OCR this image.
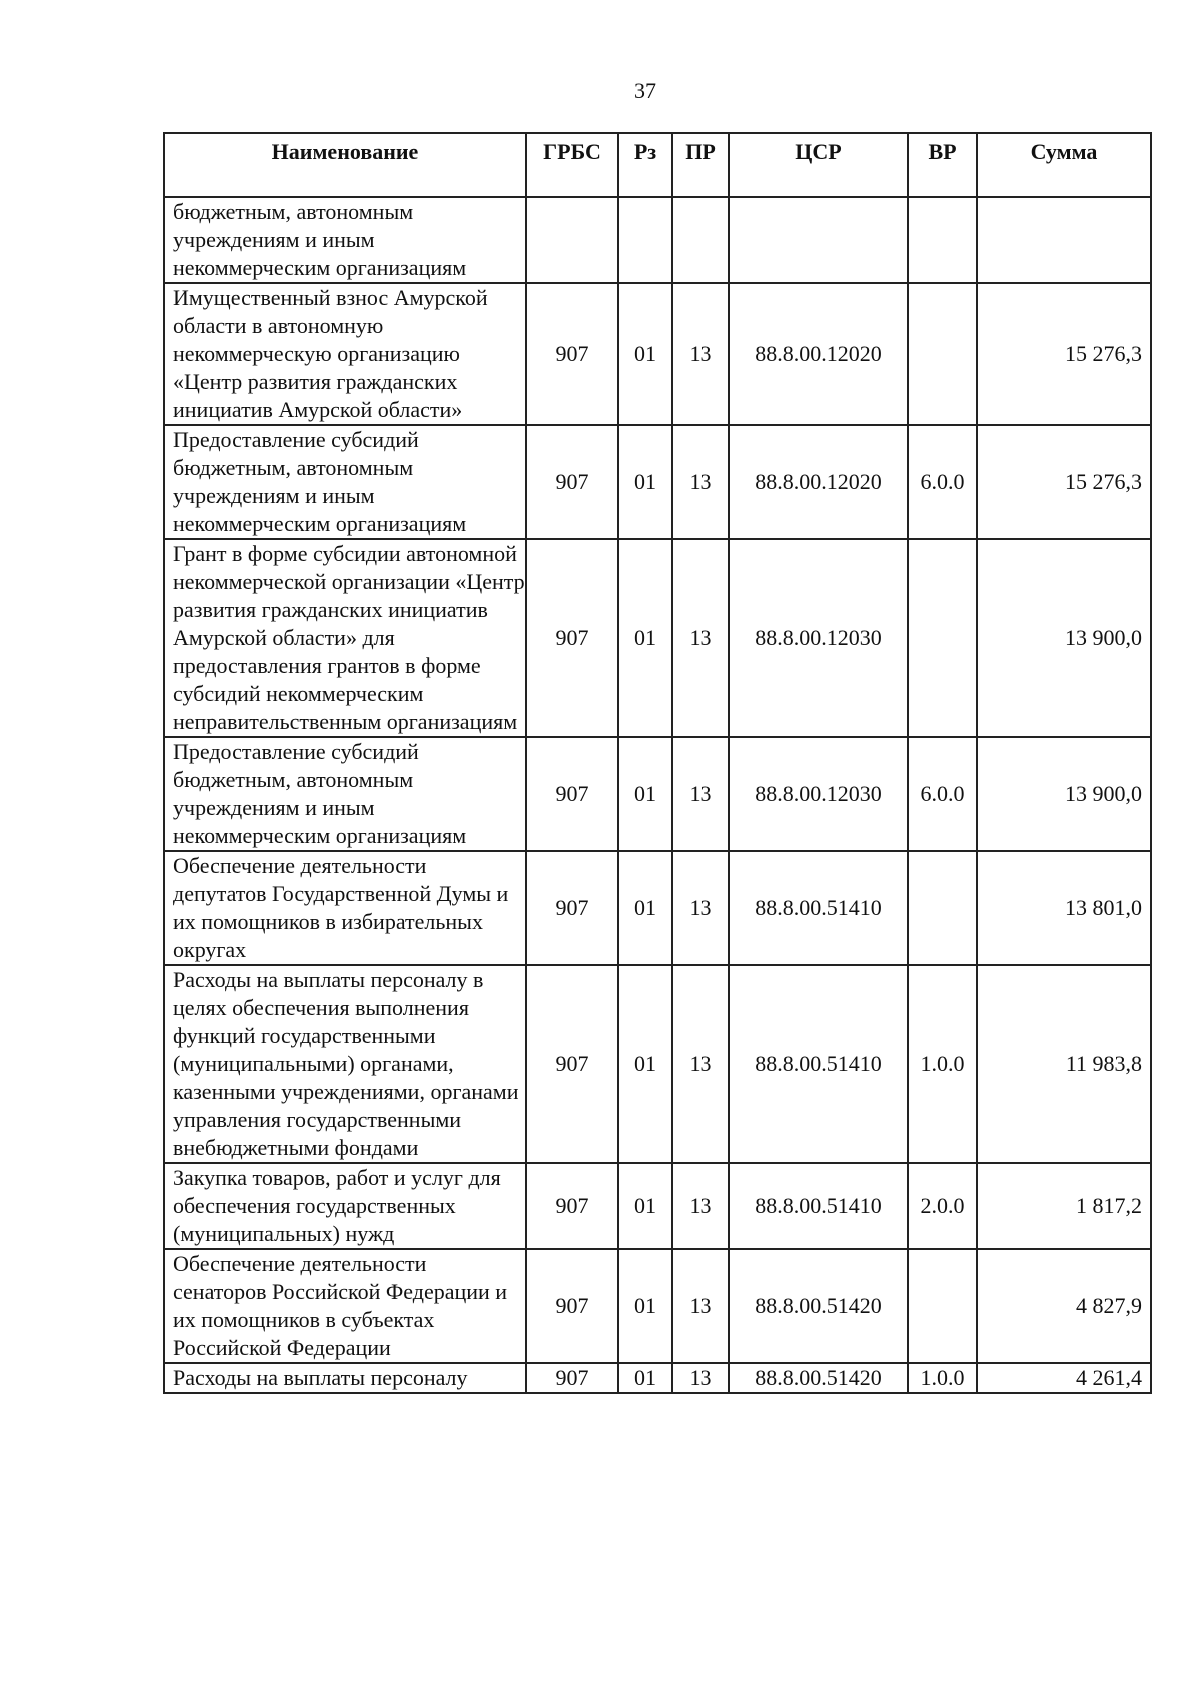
37
Наименование	ГРБС	Рз	ПР	ЦСР	ВР	Сумма
бюджетным, автономным учреждениям и иным некоммерческим организациям						
Имущественный взнос Амурской области в автономную некоммерческую организацию «Центр развития гражданских инициатив Амурской области»	907	01	13	88.8.00.12020		15 276,3
Предоставление субсидий бюджетным, автономным учреждениям и иным некоммерческим организациям	907	01	13	88.8.00.12020	6.0.0	15 276,3
Грант в форме субсидии автономной некоммерческой организации «Центр развития гражданских инициатив Амурской области» для предоставления грантов в форме субсидий некоммерческим неправительственным организациям	907	01	13	88.8.00.12030		13 900,0
Предоставление субсидий бюджетным, автономным учреждениям и иным некоммерческим организациям	907	01	13	88.8.00.12030	6.0.0	13 900,0
Обеспечение деятельности депутатов Государственной Думы и их помощников в избирательных округах	907	01	13	88.8.00.51410		13 801,0
Расходы на выплаты персоналу в целях обеспечения выполнения функций государственными (муниципальными) органами, казенными учреждениями, органами управления государственными внебюджетными фондами	907	01	13	88.8.00.51410	1.0.0	11 983,8
Закупка товаров, работ и услуг для обеспечения государственных (муниципальных) нужд	907	01	13	88.8.00.51410	2.0.0	1 817,2
Обеспечение деятельности сенаторов Российской Федерации и их помощников в субъектах Российской Федерации	907	01	13	88.8.00.51420		4 827,9
Расходы на выплаты персоналу	907	01	13	88.8.00.51420	1.0.0	4 261,4
